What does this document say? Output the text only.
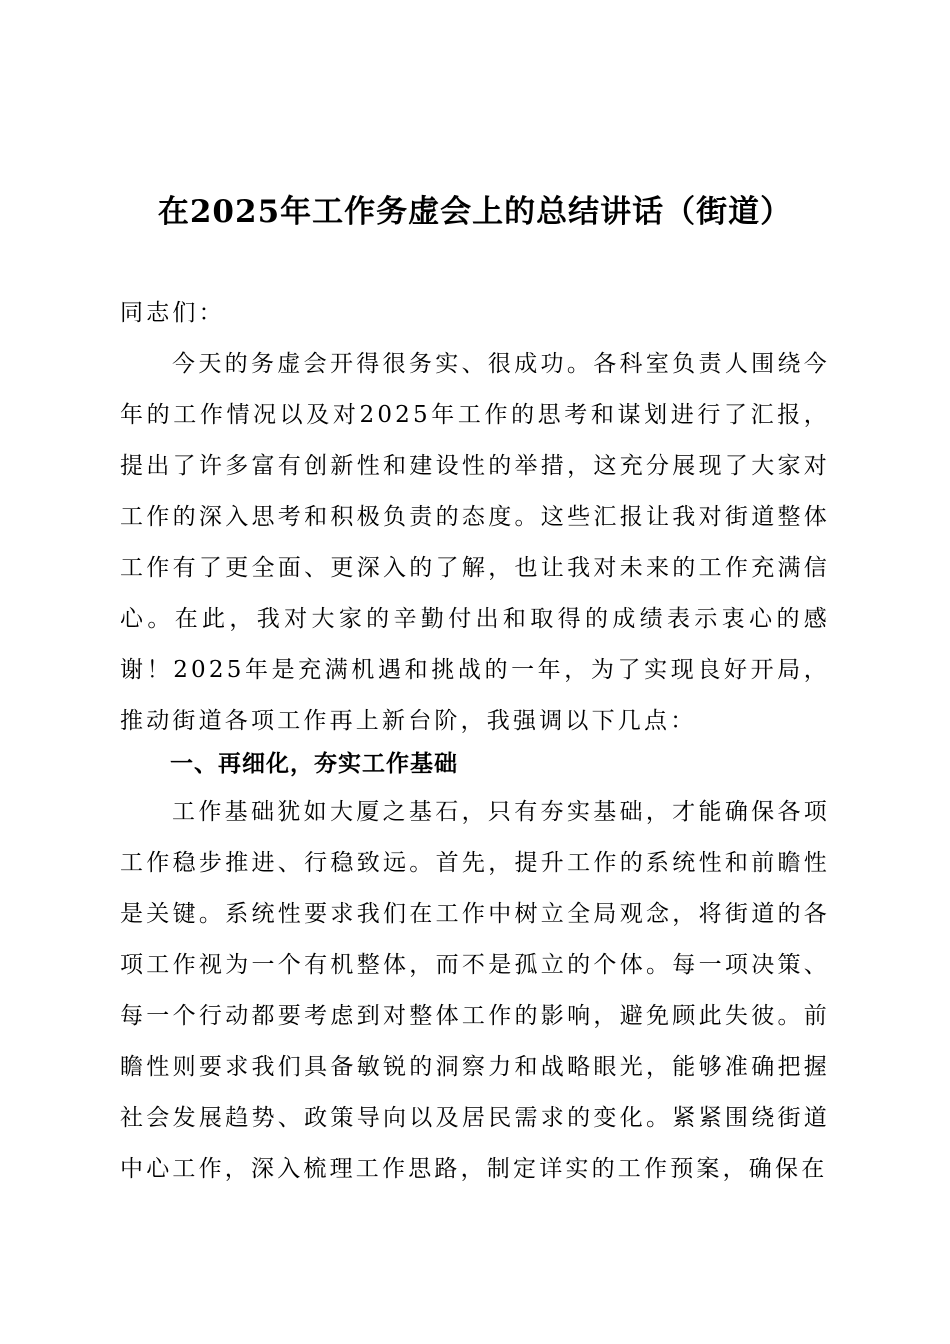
在2025年工作务虚会上的总结讲话（街道）
同志们：
今天的务虚会开得很务实、很成功。各科室负责人围绕今年的工作情况以及对2025年工作的思考和谋划进行了汇报，提出了许多富有创新性和建设性的举措，这充分展现了大家对工作的深入思考和积极负责的态度。这些汇报让我对街道整体工作有了更全面、更深入的了解，也让我对未来的工作充满信心。在此，我对大家的辛勤付出和取得的成绩表示衷心的感谢！2025年是充满机遇和挑战的一年，为了实现良好开局，推动街道各项工作再上新台阶，我强调以下几点：
一、再细化，夯实工作基础
工作基础犹如大厦之基石，只有夯实基础，才能确保各项工作稳步推进、行稳致远。首先，提升工作的系统性和前瞻性是关键。系统性要求我们在工作中树立全局观念，将街道的各项工作视为一个有机整体，而不是孤立的个体。每一项决策、每一个行动都要考虑到对整体工作的影响，避免顾此失彼。前瞻性则要求我们具备敏锐的洞察力和战略眼光，能够准确把握社会发展趋势、政策导向以及居民需求的变化。紧紧围绕街道中心工作，深入梳理工作思路，制定详实的工作预案，确保在
